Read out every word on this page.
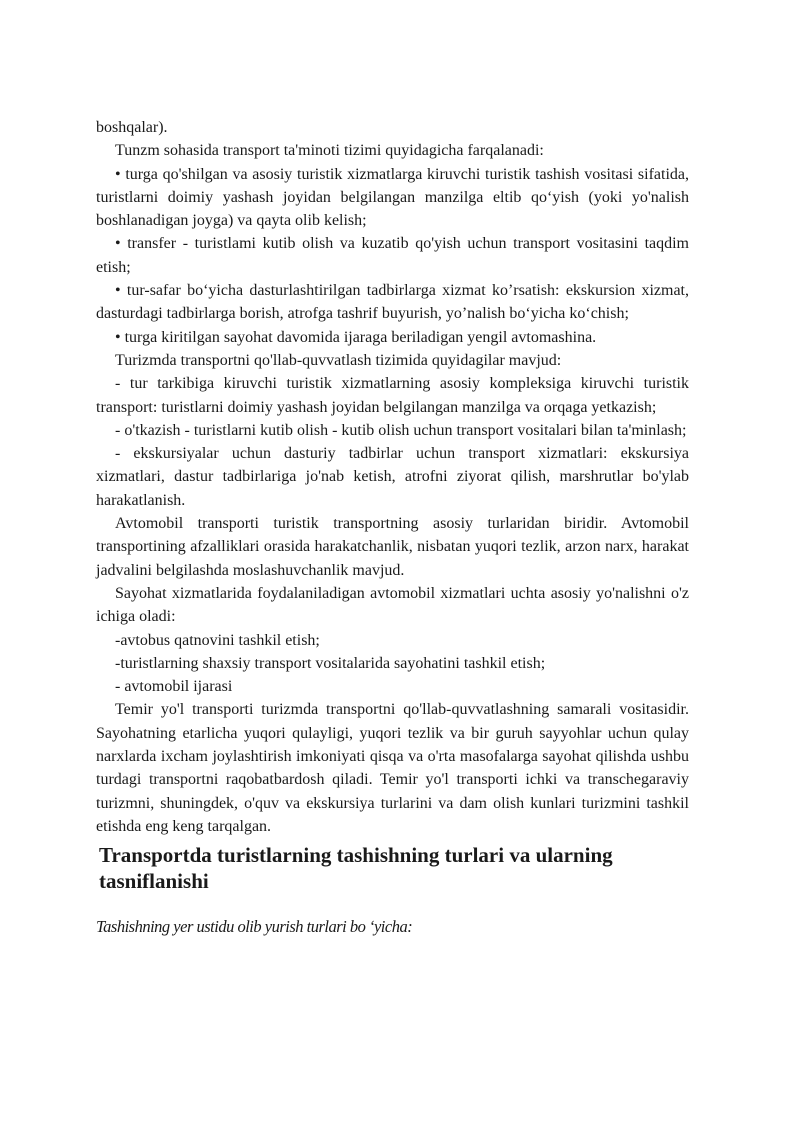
boshqalar).

Tunzm sohasida transport ta'minoti tizimi quyidagicha farqalanadi:

• turga qo'shilgan va asosiy turistik xizmatlarga kiruvchi turistik tashish vositasi sifatida, turistlarni doimiy yashash joyidan belgilangan manzilga eltib qo‘yish (yoki yo'nalish boshlanadigan joyga) va qayta olib kelish;

• transfer - turistlami kutib olish va kuzatib qo'yish uchun transport vositasini taqdim etish;

• tur-safar bo‘yicha dasturlashtirilgan tadbirlarga xizmat ko’rsatish: ekskursion xizmat, dasturdagi tadbirlarga borish, atrofga tashrif buyurish, yo’nalish bo‘yicha ko‘chish;

• turga kiritilgan sayohat davomida ijaraga beriladigan yengil avtomashina.

Turizmda transportni qo'llab-quvvatlash tizimida quyidagilar mavjud:

- tur tarkibiga kiruvchi turistik xizmatlarning asosiy kompleksiga kiruvchi turistik transport: turistlarni doimiy yashash joyidan belgilangan manzilga va orqaga yetkazish;

- o'tkazish - turistlarni kutib olish - kutib olish uchun transport vositalari bilan ta'minlash;

- ekskursiyalar uchun dasturiy tadbirlar uchun transport xizmatlari: ekskursiya xizmatlari, dastur tadbirlariga jo'nab ketish, atrofni ziyorat qilish, marshrutlar bo'ylab harakatlanish.

Avtomobil transporti turistik transportning asosiy turlaridan biridir. Avtomobil transportining afzalliklari orasida harakatchanlik, nisbatan yuqori tezlik, arzon narx, harakat jadvalini belgilashda moslashuvchanlik mavjud.

Sayohat xizmatlarida foydalaniladigan avtomobil xizmatlari uchta asosiy yo'nalishni o'z ichiga oladi:

-avtobus qatnovini tashkil etish;

-turistlarning shaxsiy transport vositalarida sayohatini tashkil etish;

- avtomobil ijarasi

Temir yo'l transporti turizmda transportni qo'llab-quvvatlashning samarali vositasidir. Sayohatning etarlicha yuqori qulayligi, yuqori tezlik va bir guruh sayyohlar uchun qulay narxlarda ixcham joylashtirish imkoniyati qisqa va o'rta masofalarga sayohat qilishda ushbu turdagi transportni raqobatbardosh qiladi. Temir yo'l transporti ichki va transchegaraviy turizmni, shuningdek, o'quv va ekskursiya turlarini va dam olish kunlari turizmini tashkil etishda eng keng tarqalgan.

Transportda turistlarning tashishning turlari va ularning tasniflanishi

Tashishning yer ustidu olib yurish turlari bo ‘yicha:
